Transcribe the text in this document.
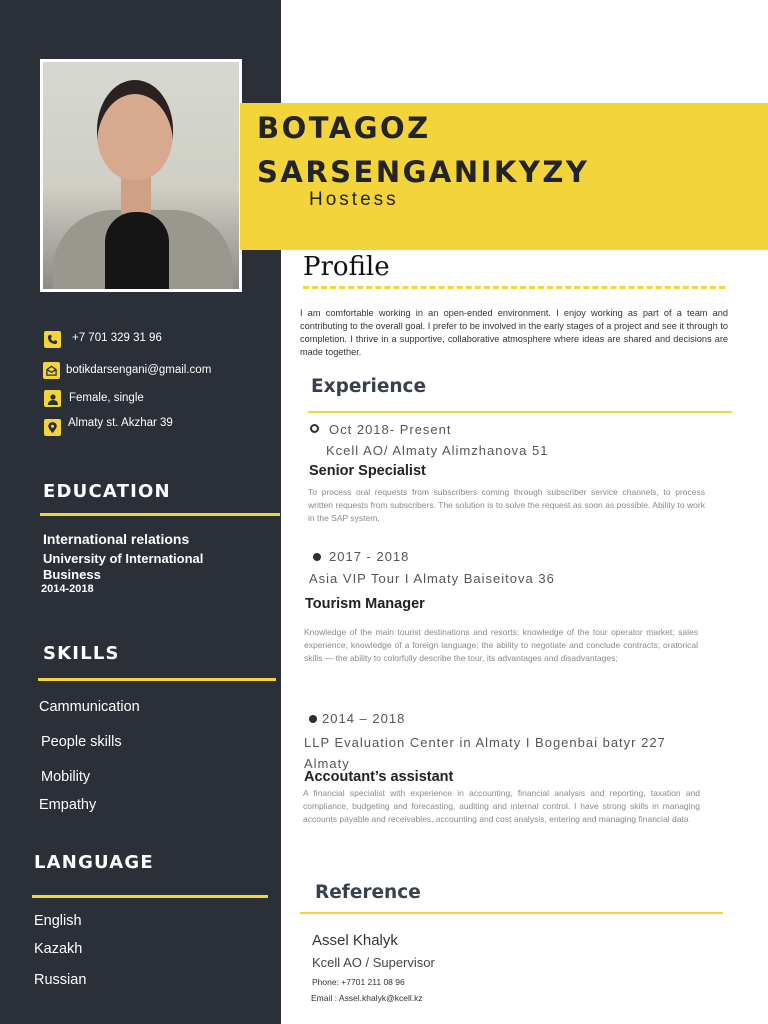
BOTAGOZ
SARSENGANIKYZY
Hostess
+7 701 329 31 96
botikdarsengani@gmail.com
Female, single
Almaty st. Akzhar 39
EDUCATION
International relations
University of International
Business
2014-2018
SKILLS
Cammunication
People skills
Mobility
Empathy
LANGUAGE
English
Kazakh
Russian
Profile
I am comfortable working in an open-ended environment. I enjoy working as part of a team and contributing to the overall goal. I prefer to be involved in the early stages of a project and see it through to completion. I thrive in a supportive, collaborative atmosphere where ideas are shared and decisions are made together.
Experience
Oct 2018- Present
Kcell AO/ Almaty Alimzhanova 51
Senior Specialist
To process oral requests from subscribers coming through subscriber service channels, to process written requests from subscribers. The solution is to solve the request as soon as possible. Ability to work in the SAP system,
2017 - 2018
Asia VIP Tour I Almaty Baiseitova 36
Tourism Manager
Knowledge of the main tourist destinations and resorts; knowledge of the tour operator market; sales experience; knowledge of a foreign language; the ability to negotiate and conclude contracts; oratorical skills — the ability to colorfully describe the tour, its advantages and disadvantages;
2014 – 2018
LLP Evaluation Center in Almaty I Bogenbai batyr 227 Almaty
Accoutant’s assistant
A financial specialist with experience in accounting, financial analysis and reporting, taxation and compliance, budgeting and forecasting, auditing and internal control. I have strong skills in managing accounts payable and receivables, accounting and cost analysis, entering and managing financial data
Reference
Assel Khalyk
Kcell AO / Supervisor
Phone: +7701 211 08 96
Email : Assel.khalyk@kcell.kz
